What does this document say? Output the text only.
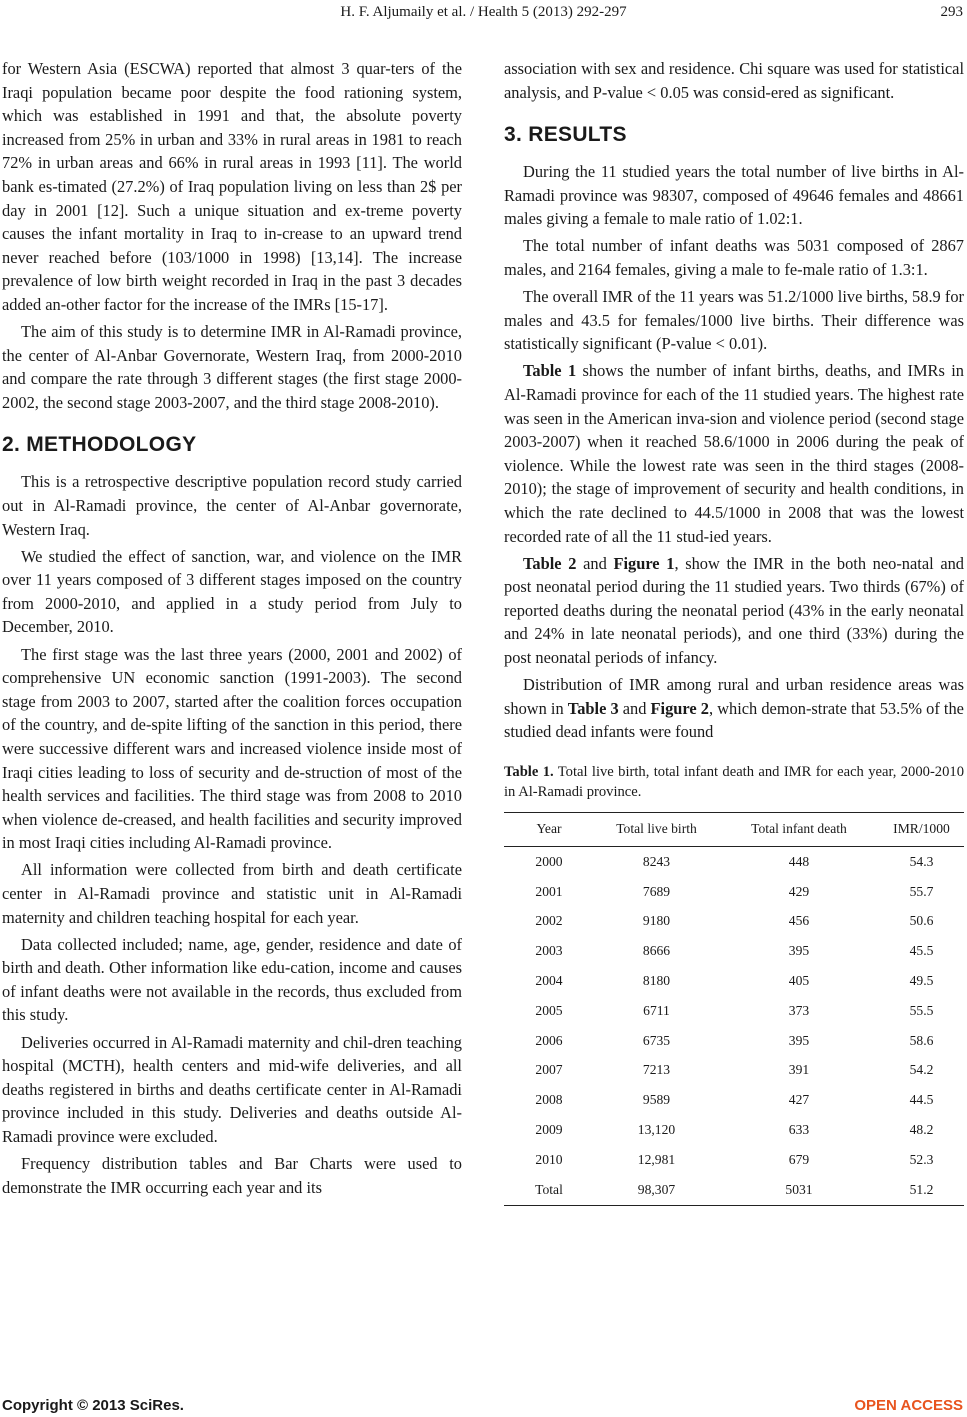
H. F. Aljumaily et al. / Health 5 (2013) 292-297	293

for Western Asia (ESCWA) reported that almost 3 quar-ters of the Iraqi population became poor despite the food rationing system, which was established in 1991 and that, the absolute poverty increased from 25% in urban and 33% in rural areas in 1981 to reach 72% in urban areas and 66% in rural areas in 1993 [11]. The world bank es-timated (27.2%) of Iraq population living on less than 2$ per day in 2001 [12]. Such a unique situation and ex-treme poverty causes the infant mortality in Iraq to in-crease to an upward trend never reached before (103/1000 in 1998) [13,14]. The increase prevalence of low birth weight recorded in Iraq in the past 3 decades added an-other factor for the increase of the IMRs [15-17].

The aim of this study is to determine IMR in Al-Ramadi province, the center of Al-Anbar Governorate, Western Iraq, from 2000-2010 and compare the rate through 3 different stages (the first stage 2000-2002, the second stage 2003-2007, and the third stage 2008-2010).

2. METHODOLOGY

This is a retrospective descriptive population record study carried out in Al-Ramadi province, the center of Al-Anbar governorate, Western Iraq.

We studied the effect of sanction, war, and violence on the IMR over 11 years composed of 3 different stages imposed on the country from 2000-2010, and applied in a study period from July to December, 2010.

The first stage was the last three years (2000, 2001 and 2002) of comprehensive UN economic sanction (1991-2003). The second stage from 2003 to 2007, started after the coalition forces occupation of the country, and de-spite lifting of the sanction in this period, there were successive different wars and increased violence inside most of Iraqi cities leading to loss of security and de-struction of most of the health services and facilities. The third stage was from 2008 to 2010 when violence de-creased, and health facilities and security improved in most Iraqi cities including Al-Ramadi province.

All information were collected from birth and death certificate center in Al-Ramadi province and statistic unit in Al-Ramadi maternity and children teaching hospital for each year.

Data collected included; name, age, gender, residence and date of birth and death. Other information like edu-cation, income and causes of infant deaths were not available in the records, thus excluded from this study.

Deliveries occurred in Al-Ramadi maternity and chil-dren teaching hospital (MCTH), health centers and mid-wife deliveries, and all deaths registered in births and deaths certificate center in Al-Ramadi province included in this study. Deliveries and deaths outside Al-Ramadi province were excluded.

Frequency distribution tables and Bar Charts were used to demonstrate the IMR occurring each year and its

association with sex and residence. Chi square was used for statistical analysis, and P-value < 0.05 was consid-ered as significant.

3. RESULTS

During the 11 studied years the total number of live births in Al-Ramadi province was 98307, composed of 49646 females and 48661 males giving a female to male ratio of 1.02:1.

The total number of infant deaths was 5031 composed of 2867 males, and 2164 females, giving a male to fe-male ratio of 1.3:1.

The overall IMR of the 11 years was 51.2/1000 live births, 58.9 for males and 43.5 for females/1000 live births. Their difference was statistically significant (P-value < 0.01).

Table 1 shows the number of infant births, deaths, and IMRs in Al-Ramadi province for each of the 11 studied years. The highest rate was seen in the American inva-sion and violence period (second stage 2003-2007) when it reached 58.6/1000 in 2006 during the peak of violence. While the lowest rate was seen in the third stages (2008-2010); the stage of improvement of security and health conditions, in which the rate declined to 44.5/1000 in 2008 that was the lowest recorded rate of all the 11 stud-ied years.

Table 2 and Figure 1, show the IMR in the both neo-natal and post neonatal period during the 11 studied years. Two thirds (67%) of reported deaths during the neonatal period (43% in the early neonatal and 24% in late neonatal periods), and one third (33%) during the post neonatal periods of infancy.

Distribution of IMR among rural and urban residence areas was shown in Table 3 and Figure 2, which demon-strate that 53.5% of the studied dead infants were found

Table 1. Total live birth, total infant death and IMR for each year, 2000-2010 in Al-Ramadi province.
Year	Total live birth	Total infant death	IMR/1000
2000	8243	448	54.3
2001	7689	429	55.7
2002	9180	456	50.6
2003	8666	395	45.5
2004	8180	405	49.5
2005	6711	373	55.5
2006	6735	395	58.6
2007	7213	391	54.2
2008	9589	427	44.5
2009	13,120	633	48.2
2010	12,981	679	52.3
Total	98,307	5031	51.2
Copyright © 2013 SciRes.	OPEN ACCESS
